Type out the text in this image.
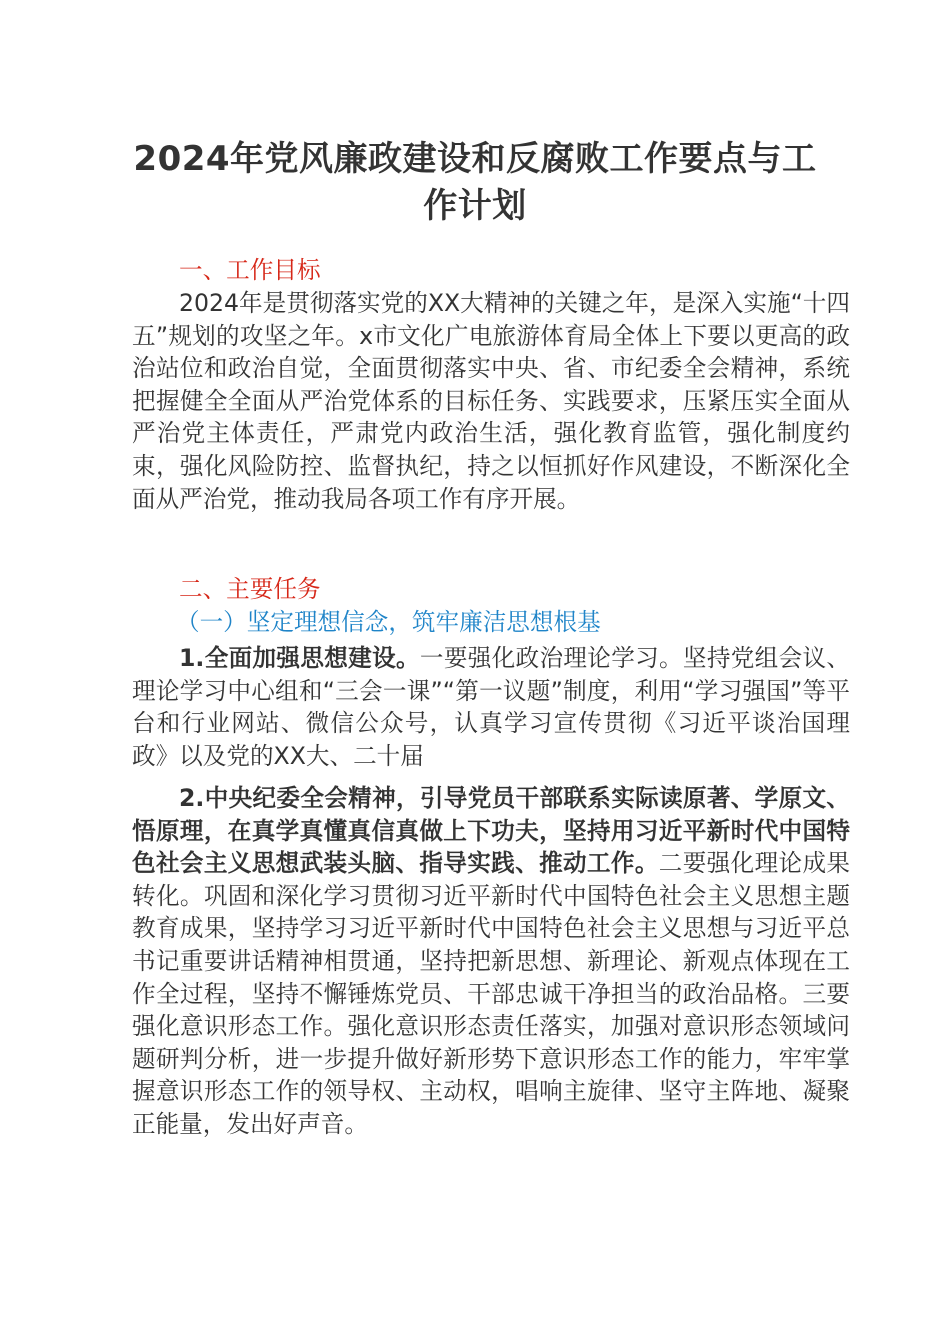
2024年党风廉政建设和反腐败工作要点与工作计划
一、工作目标
2024年是贯彻落实党的XX大精神的关键之年，是深入实施“十四五”规划的攻坚之年。x市文化广电旅游体育局全体上下要以更高的政治站位和政治自觉，全面贯彻落实中央、省、市纪委全会精神，系统把握健全全面从严治党体系的目标任务、实践要求，压紧压实全面从严治党主体责任，严肃党内政治生活，强化教育监管，强化制度约束，强化风险防控、监督执纪，持之以恒抓好作风建设，不断深化全面从严治党，推动我局各项工作有序开展。
二、主要任务
（一）坚定理想信念，筑牢廉洁思想根基
1.全面加强思想建设。一要强化政治理论学习。坚持党组会议、理论学习中心组和“三会一课”“第一议题”制度，利用“学习强国”等平台和行业网站、微信公众号，认真学习宣传贯彻《习近平谈治国理政》以及党的XX大、二十届
2.中央纪委全会精神，引导党员干部联系实际读原著、学原文、悟原理，在真学真懂真信真做上下功夫，坚持用习近平新时代中国特色社会主义思想武装头脑、指导实践、推动工作。二要强化理论成果转化。巩固和深化学习贯彻习近平新时代中国特色社会主义思想主题教育成果，坚持学习习近平新时代中国特色社会主义思想与习近平总书记重要讲话精神相贯通，坚持把新思想、新理论、新观点体现在工作全过程，坚持不懈锤炼党员、干部忠诚干净担当的政治品格。三要强化意识形态工作。强化意识形态责任落实，加强对意识形态领域问题研判分析，进一步提升做好新形势下意识形态工作的能力，牢牢掌握意识形态工作的领导权、主动权，唱响主旋律、坚守主阵地、凝聚正能量，发出好声音。
